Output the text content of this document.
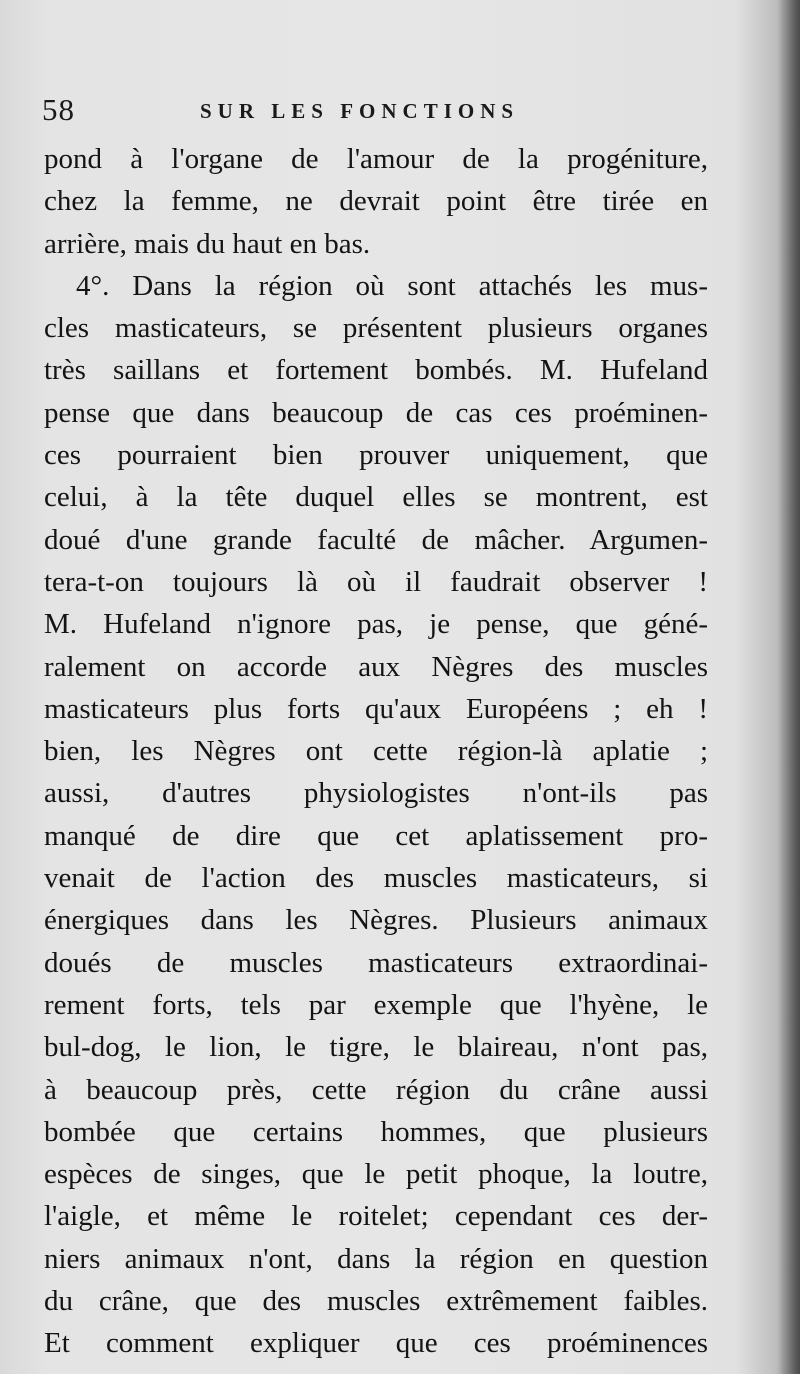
58	SUR LES FONCTIONS
pond à l'organe de l'amour de la progéniture,
chez la femme, ne devrait point être tirée en
arrière, mais du haut en bas.
4°. Dans la région où sont attachés les mus-
cles masticateurs, se présentent plusieurs organes
très saillans et fortement bombés. M. Hufeland
pense que dans beaucoup de cas ces proéminen-
ces pourraient bien prouver uniquement, que
celui, à la tête duquel elles se montrent, est
doué d'une grande faculté de mâcher. Argumen-
tera-t-on toujours là où il faudrait observer !
M. Hufeland n'ignore pas, je pense, que géné-
ralement on accorde aux Nègres des muscles
masticateurs plus forts qu'aux Européens ; eh !
bien, les Nègres ont cette région-là aplatie ;
aussi, d'autres physiologistes n'ont-ils pas
manqué de dire que cet aplatissement pro-
venait de l'action des muscles masticateurs, si
énergiques dans les Nègres. Plusieurs animaux
doués de muscles masticateurs extraordinai-
rement forts, tels par exemple que l'hyène, le
bul-dog, le lion, le tigre, le blaireau, n'ont pas,
à beaucoup près, cette région du crâne aussi
bombée que certains hommes, que plusieurs
espèces de singes, que le petit phoque, la loutre,
l'aigle, et même le roitelet; cependant ces der-
niers animaux n'ont, dans la région en question
du crâne, que des muscles extrêmement faibles.
Et comment expliquer que ces proéminences
